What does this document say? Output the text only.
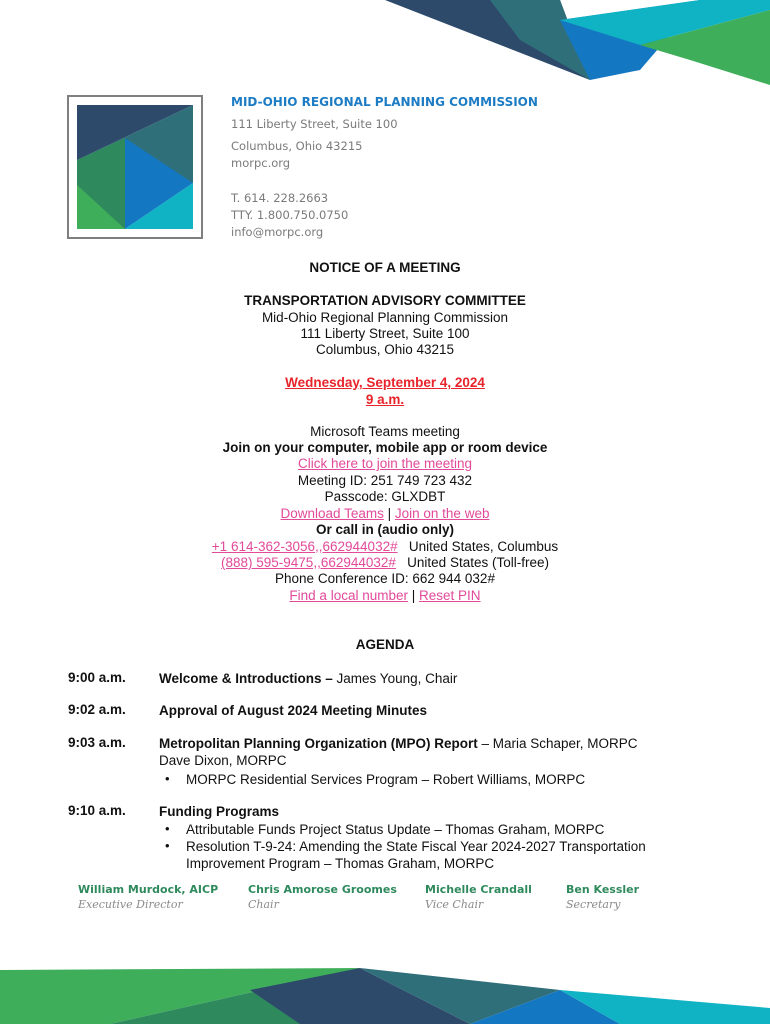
MID-OHIO REGIONAL PLANNING COMMISSION
111 Liberty Street, Suite 100
Columbus, Ohio 43215
morpc.org
T. 614. 228.2663
TTY. 1.800.750.0750
info@morpc.org
NOTICE OF A MEETING
TRANSPORTATION ADVISORY COMMITTEE
Mid-Ohio Regional Planning Commission
111 Liberty Street, Suite 100
Columbus, Ohio 43215
Wednesday, September 4, 2024
9 a.m.
Microsoft Teams meeting
Join on your computer, mobile app or room device
Click here to join the meeting
Meeting ID: 251 749 723 432
Passcode: GLXDBT
Download Teams | Join on the web
Or call in (audio only)
+1 614-362-3056,,662944032# United States, Columbus
(888) 595-9475,,662944032# United States (Toll-free)
Phone Conference ID: 662 944 032#
Find a local number | Reset PIN
AGENDA
9:00 a.m. Welcome & Introductions – James Young, Chair
9:02 a.m. Approval of August 2024 Meeting Minutes
9:03 a.m. Metropolitan Planning Organization (MPO) Report – Maria Schaper, MORPC
Dave Dixon, MORPC
• MORPC Residential Services Program – Robert Williams, MORPC
9:10 a.m. Funding Programs
• Attributable Funds Project Status Update – Thomas Graham, MORPC
• Resolution T-9-24: Amending the State Fiscal Year 2024-2027 Transportation
Improvement Program – Thomas Graham, MORPC
William Murdock, AICP
Executive Director
Chris Amorose Groomes
Chair
Michelle Crandall
Vice Chair
Ben Kessler
Secretary
